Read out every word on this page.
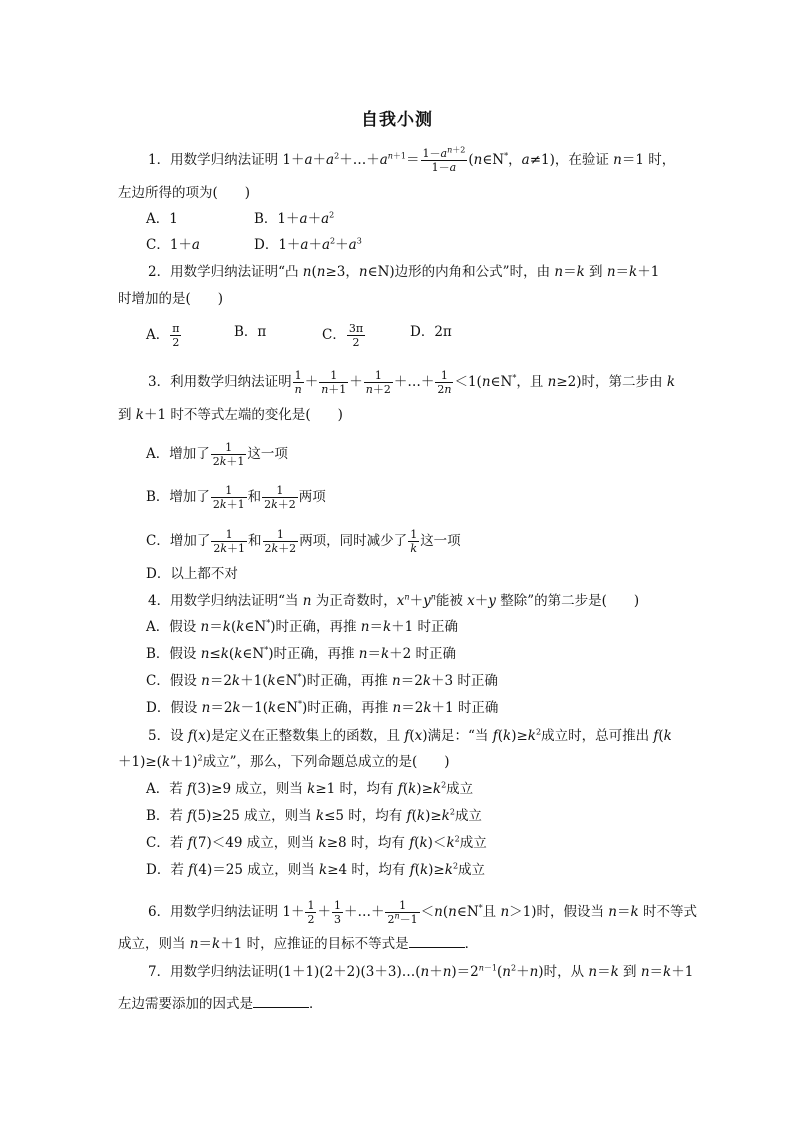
自我小测
1．用数学归纳法证明 $1+a+a^2+\dots+a^{n+1}= \frac{1-a^{n+2}}{1-a}$ (n∈N*，a≠1)，在验证 n＝1 时，
左边所得的项为(　　)
A．1	B．$1+a+a^2$
C．1＋a	D．$1+a+a^2+a^3$
2．用数学归纳法证明“凸 n(n≥3，n∈N)边形的内角和公式”时，由 n＝k 到 n＝k＋1
时增加的是(　　)
A． $\frac{\pi}{2}$	B．π	C． $\frac{3\pi}{2}$	D．2π
3．利用数学归纳法证明 $\frac{1}{n} + \frac{1}{n+1} + \frac{1}{n+2}$ ＋…＋ $\frac{1}{2n}$ ＜1(n∈N*，且 n≥2)时，第二步由 k
到 k＋1 时不等式左端的变化是(　　)
A．增加了 $\frac{1}{2k+1}$ 这一项
B．增加了 $\frac{1}{2k+1}$ 和 $\frac{1}{2k+2}$ 两项
C．增加了 $\frac{1}{2k+1}$ 和 $\frac{1}{2k+2}$ 两项，同时减少了 $\frac{1}{k}$ 这一项
D．以上都不对
4．用数学归纳法证明“当 n 为正奇数时，$x^n+y^n$能被 x＋y 整除”的第二步是(　　)
A．假设 n＝k(k∈N*)时正确，再推 n＝k＋1 时正确
B．假设 n≤k(k∈N*)时正确，再推 n＝k＋2 时正确
C．假设 n＝2k＋1(k∈N*)时正确，再推 n＝2k＋3 时正确
D．假设 n＝2k－1(k∈N*)时正确，再推 n＝2k＋1 时正确
5．设 f(x)是定义在正整数集上的函数，且 f(x)满足：“当 $f(k)\ge k^2$成立时，总可推出 f(k
$+1)\ge(k+1)^2$成立”，那么，下列命题总成立的是(　　)
A．若 f(3)≥9 成立，则当 k≥1 时，均有 $f(k)\ge k^2$成立
B．若 f(5)≥25 成立，则当 k≤5 时，均有 $f(k)\ge k^2$成立
C．若 f(7)＜49 成立，则当 k≥8 时，均有 $f(k)<k^2$成立
D．若 f(4)＝25 成立，则当 k≥4 时，均有 $f(k)\ge k^2$成立
6．用数学归纳法证明 $1+ \frac{1}{2} + \frac{1}{3}$ ＋…＋ $\frac{1}{2^n-1}$ ＜n(n∈N*且 n＞1)时，假设当 n＝k 时不等式
成立，则当 n＝k＋1 时，应推证的目标不等式是	．
7．用数学归纳法证明$(1+1)(2+2)(3+3)\dots(n+n)=2^{n-1}(n^2+n)$时，从 n＝k 到 n＝k＋1
左边需要添加的因式是	．
